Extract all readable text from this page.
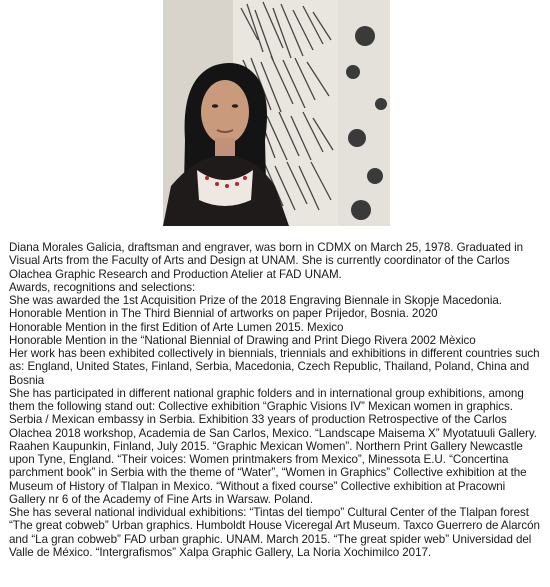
Diana Morales Galicia, draftsman and engraver, was born in CDMX on March 25, 1978. Graduated in Visual Arts from the Faculty of Arts and Design at UNAM. She is currently coordinator of the Carlos Olachea Graphic Research and Production Atelier at FAD UNAM.

Awards, recognitions and selections:

She was awarded the 1st Acquisition Prize of the 2018 Engraving Biennale in Skopje Macedonia.

Honorable Mention in The Third Biennial of artworks on paper Prijedor, Bosnia. 2020

Honorable Mention in the first Edition of Arte Lumen 2015. Mexico

Honorable Mention in the “National Biennial of Drawing and Print Diego Rivera 2002 Mèxico

Her work has been exhibited collectively in biennials, triennials and exhibitions in different countries such as: England, United States, Finland, Serbia, Macedonia, Czech Republic, Thailand, Poland, China and Bosnia

She has participated in different national graphic folders and in international group exhibitions, among them the following stand out: Collective exhibition “Graphic Visions IV” Mexican women in graphics. Serbia / Mexican embassy in Serbia. Exhibition 33 years of production Retrospective of the Carlos Olachea 2018 workshop, Academia de San Carlos, Mexico. “Landscape Maisema X” Myotatuuli Gallery. Raahen Kaupunkin, Finland, July 2015. “Graphic Mexican Women”. Northern Print Gallery Newcastle upon Tyne, England. “Their voices: Women printmakers from Mexico”, Minessota E.U. “Concertina parchment book” in Serbia with the theme of “Water”, “Women in Graphics” Collective exhibition at the Museum of History of Tlalpan in Mexico. “Without a fixed course” Collective exhibition at Pracowni Gallery nr 6 of the Academy of Fine Arts in Warsaw. Poland.

She has several national individual exhibitions: “Tintas del tiempo” Cultural Center of the Tlalpan forest “The great cobweb” Urban graphics. Humboldt House Viceregal Art Museum. Taxco Guerrero de Alarcón and “La gran cobweb” FAD urban graphic. UNAM. March 2015. “The great spider web” Universidad del Valle de México. “Intergrafismos” Xalpa Graphic Gallery, La Noria Xochimilco 2017.
